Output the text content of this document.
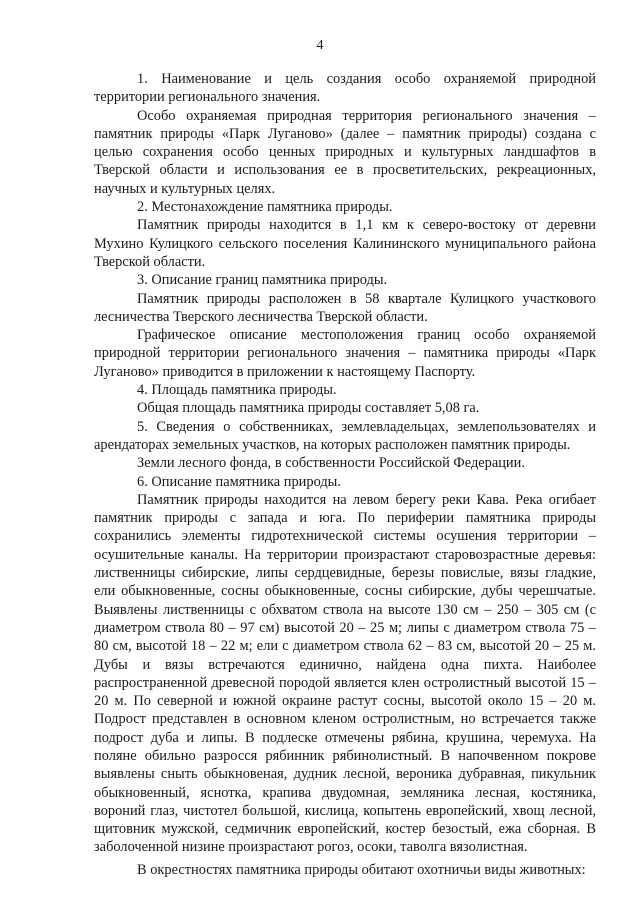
4

1. Наименование и цель создания особо охраняемой природной территории регионального значения.

Особо охраняемая природная территория регионального значения – памятник природы «Парк Луганово» (далее – памятник природы) создана с целью сохранения особо ценных природных и культурных ландшафтов в Тверской области и использования ее в просветительских, рекреационных, научных и культурных целях.

2. Местонахождение памятника природы.

Памятник природы находится в 1,1 км к северо-востоку от деревни Мухино Кулицкого сельского поселения Калининского муниципального района Тверской области.

3. Описание границ памятника природы.

Памятник природы расположен в 58 квартале Кулицкого участкового лесничества Тверского лесничества Тверской области.

Графическое описание местоположения границ особо охраняемой природной территории регионального значения – памятника природы «Парк Луганово» приводится в приложении к настоящему Паспорту.

4. Площадь памятника природы.

Общая площадь памятника природы составляет 5,08 га.

5. Сведения о собственниках, землевладельцах, землепользователях и арендаторах земельных участков, на которых расположен памятник природы.

Земли лесного фонда, в собственности Российской Федерации.

6. Описание памятника природы.

Памятник природы находится на левом берегу реки Кава. Река огибает памятник природы с запада и юга. По периферии памятника природы сохранились элементы гидротехнической системы осушения территории – осушительные каналы. На территории произрастают старовозрастные деревья: лиственницы сибирские, липы сердцевидные, березы повислые, вязы гладкие, ели обыкновенные, сосны обыкновенные, сосны сибирские, дубы черешчатые. Выявлены лиственницы с обхватом ствола на высоте 130 см – 250 – 305 см (с диаметром ствола 80 – 97 см) высотой 20 – 25 м; липы с диаметром ствола 75 – 80 см, высотой 18 – 22 м; ели с диаметром ствола 62 – 83 см, высотой 20 – 25 м. Дубы и вязы встречаются единично, найдена одна пихта. Наиболее распространенной древесной породой является клен остролистный высотой 15 – 20 м. По северной и южной окраине растут сосны, высотой около 15 – 20 м. Подрост представлен в основном кленом остролистным, но встречается также подрост дуба и липы. В подлеске отмечены рябина, крушина, черемуха. На поляне обильно разросся рябинник рябинолистный. В напочвенном покрове выявлены сныть обыкновеная, дудник лесной, вероника дубравная, пикульник обыкновенный, яснотка, крапива двудомная, земляника лесная, костяника, вороний глаз, чистотел большой, кислица, копытень европейский, хвощ лесной, щитовник мужской, седмичник европейский, костер безостый, ежа сборная. В заболоченной низине произрастают рогоз, осоки, таволга вязолистная.

В окрестностях памятника природы обитают охотничьи виды животных:
